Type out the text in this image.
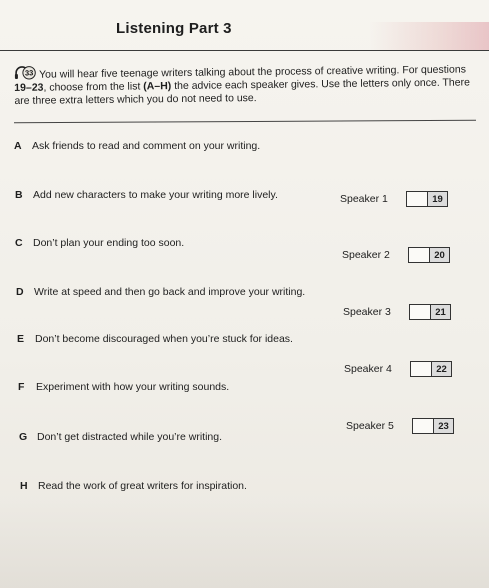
Listening Part 3
33 You will hear five teenage writers talking about the process of creative writing. For questions 19–23, choose from the list (A–H) the advice each speaker gives. Use the letters only once. There are three extra letters which you do not need to use.
A Ask friends to read and comment on your writing.
B Add new characters to make your writing more lively.
C Don’t plan your ending too soon.
D Write at speed and then go back and improve your writing.
E Don’t become discouraged when you’re stuck for ideas.
F Experiment with how your writing sounds.
G Don’t get distracted while you’re writing.
H Read the work of great writers for inspiration.
Speaker 1	19
Speaker 2	20
Speaker 3	21
Speaker 4	22
Speaker 5	23
